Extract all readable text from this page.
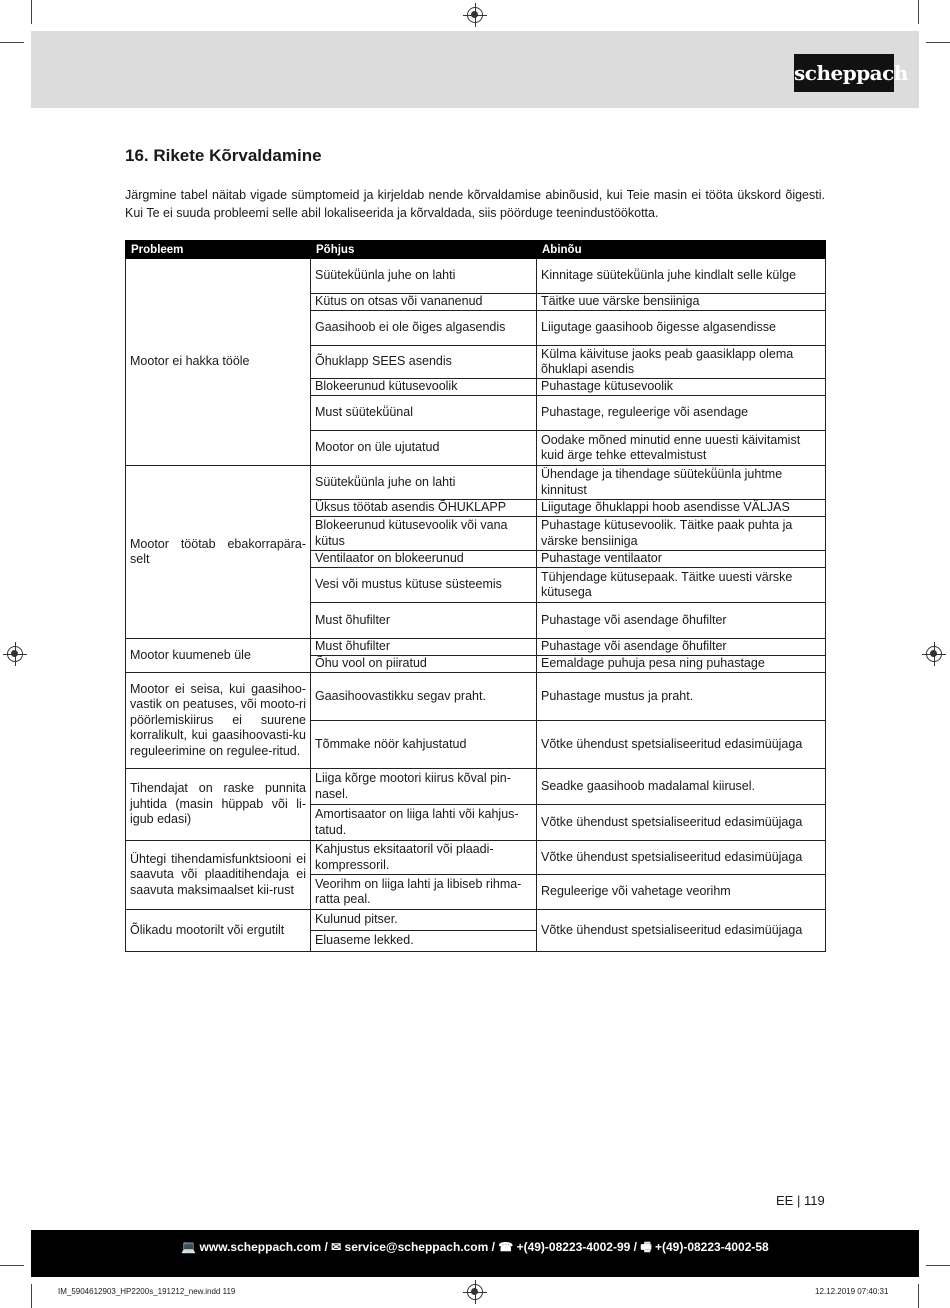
scheppach
16. Rikete Kõrvaldamine

Järgmine tabel näitab vigade sümptomeid ja kirjeldab nende kõrvaldamise abinõusid, kui Teie masin ei tööta ükskord õigesti. Kui Te ei suuda probleemi selle abil lokaliseerida ja kõrvaldada, siis pöörduge teenindustöökotta.

Probleem	Põhjus	Abinõu
Mootor ei hakka tööle	Süütekü̈ünla juhe on lahti	Kinnitage süütekü̈ünla juhe kindlalt selle külge
	Kütus on otsas või vananenud	Täitke uue värske bensiiniga
	Gaasihoob ei ole õiges algasendis	Liigutage gaasihoob õigesse algasendisse
	Õhuklapp SEES asendis	Külma käivituse jaoks peab gaasiklapp olema õhuklapi asendis
	Blokeerunud kütusevoolik	Puhastage kütusevoolik
	Must süütekü̈ünal	Puhastage, reguleerige või asendage
	Mootor on üle ujutatud	Oodake mõned minutid enne uuesti käivitamist kuid ärge tehke ettevalmistust
Mootor töötab ebakorrapära-selt	Süütekü̈ünla juhe on lahti	Ühendage ja tihendage süütekü̈ünla juhtme kinnitust
	Üksus töötab asendis ÕHUKLAPP	Liigutage õhuklappi hoob asendisse VÄLJAS
	Blokeerunud kütusevoolik või vana kütus	Puhastage kütusevoolik. Täitke paak puhta ja värske bensiiniga
	Ventilaator on blokeerunud	Puhastage ventilaator
	Vesi või mustus kütuse süsteemis	Tühjendage kütusepaak. Täitke uuesti värske kütusega
	Must õhufilter	Puhastage või asendage õhufilter
Mootor kuumeneb üle	Must õhufilter	Puhastage või asendage õhufilter
	Õhu vool on piiratud	Eemaldage puhuja pesa ning puhastage
Mootor ei seisa, kui gaasihoo-vastik on peatuses, või mooto-ri pöörlemiskiirus ei suurene korralikult, kui gaasihoovasti-ku reguleerimine on regulee-ritud.	Gaasihoovastikku segav praht.	Puhastage mustus ja praht.
	Tõmmake nöör kahjustatud	Võtke ühendust spetsialiseeritud edasimüüjaga
Tihendajat on raske punnita juhtida (masin hüppab või li-igub edasi)	Liiga kõrge mootori kiirus kõval pin-nasel.	Seadke gaasihoob madalamal kiirusel.
	Amortisaator on liiga lahti või kahjus-tatud.	Võtke ühendust spetsialiseeritud edasimüüjaga
Ühtegi tihendamisfunktsiooni ei saavuta või plaaditihendaja ei saavuta maksimaalset kii-rust	Kahjustus eksitaatoril või plaadi-kompressoril.	Võtke ühendust spetsialiseeritud edasimüüjaga
	Veorihm on liiga lahti ja libiseb rihma-ratta peal.	Reguleerige või vahetage veorihm
Õlikadu mootorilt või ergutilt	Kulunud pitser.	Võtke ühendust spetsialiseeritud edasimüüjaga
	Eluaseme lekked.	
EE | 119
💻 www.scheppach.com / ✉ service@scheppach.com / ☎ +(49)-08223-4002-99 / 🖷 +(49)-08223-4002-58
IM_5904612903_HP2200s_191212_new.indd 119	12.12.2019 07:40:31
